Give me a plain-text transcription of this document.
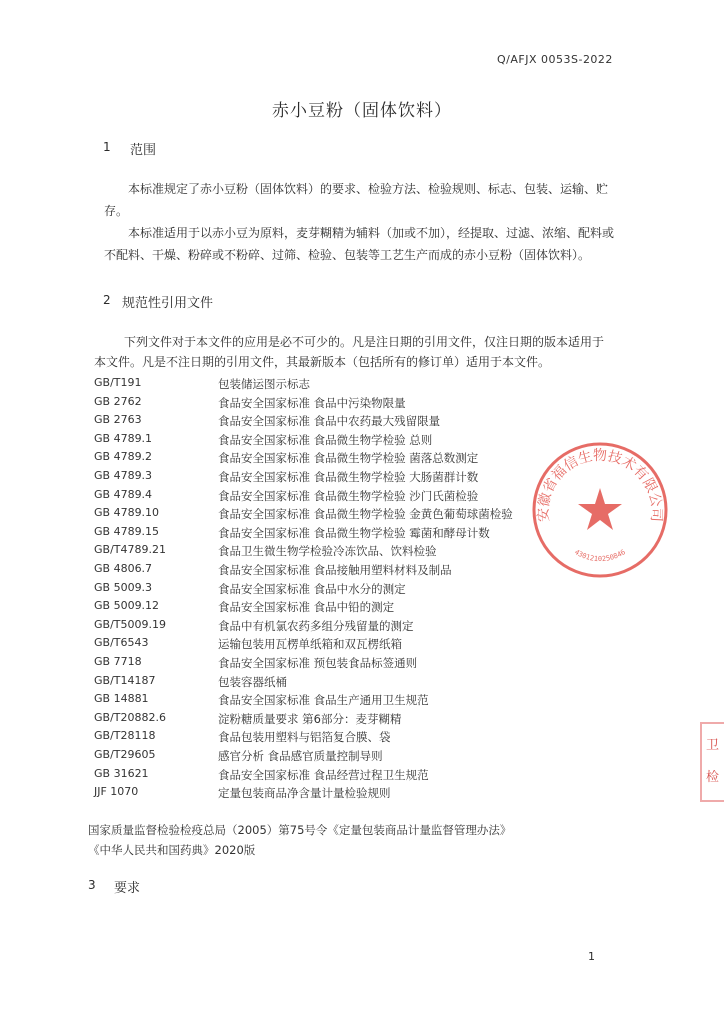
Q/AFJX 0053S-2022
赤小豆粉（固体饮料）
1 范围

本标准规定了赤小豆粉（固体饮料）的要求、检验方法、检验规则、标志、包装、运输、贮存。

本标准适用于以赤小豆为原料，麦芽糊精为辅料（加或不加），经提取、过滤、浓缩、配料或不配料、干燥、粉碎或不粉碎、过筛、检验、包装等工艺生产而成的赤小豆粉（固体饮料）。

2 规范性引用文件

下列文件对于本文件的应用是必不可少的。凡是注日期的引用文件，仅注日期的版本适用于本文件。凡是不注日期的引用文件，其最新版本（包括所有的修订单）适用于本文件。

GB/T191	包装储运图示标志
GB 2762	食品安全国家标准 食品中污染物限量
GB 2763	食品安全国家标准 食品中农药最大残留限量
GB 4789.1	食品安全国家标准 食品微生物学检验 总则
GB 4789.2	食品安全国家标准 食品微生物学检验 菌落总数测定
GB 4789.3	食品安全国家标准 食品微生物学检验 大肠菌群计数
GB 4789.4	食品安全国家标准 食品微生物学检验 沙门氏菌检验
GB 4789.10	食品安全国家标准 食品微生物学检验 金黄色葡萄球菌检验
GB 4789.15	食品安全国家标准 食品微生物学检验 霉菌和酵母计数
GB/T4789.21	食品卫生微生物学检验冷冻饮品、饮料检验
GB 4806.7	食品安全国家标准 食品接触用塑料材料及制品
GB 5009.3	食品安全国家标准 食品中水分的测定
GB 5009.12	食品安全国家标准 食品中铅的测定
GB/T5009.19	食品中有机氯农药多组分残留量的测定
GB/T6543	运输包装用瓦楞单纸箱和双瓦楞纸箱
GB 7718	食品安全国家标准 预包装食品标签通则
GB/T14187	包装容器纸桶
GB 14881	食品安全国家标准 食品生产通用卫生规范
GB/T20882.6	淀粉糖质量要求 第6部分：麦芽糊精
GB/T28118	食品包装用塑料与铝箔复合膜、袋
GB/T29605	感官分析 食品感官质量控制导则
GB 31621	食品安全国家标准 食品经营过程卫生规范
JJF 1070	定量包装商品净含量计量检验规则
国家质量监督检验检疫总局（2005）第75号令《定量包装商品计量监督管理办法》
《中华人民共和国药典》2020版
3 要求
安徽省福信生物技术有限公司
4301210250846
卫
检
1
